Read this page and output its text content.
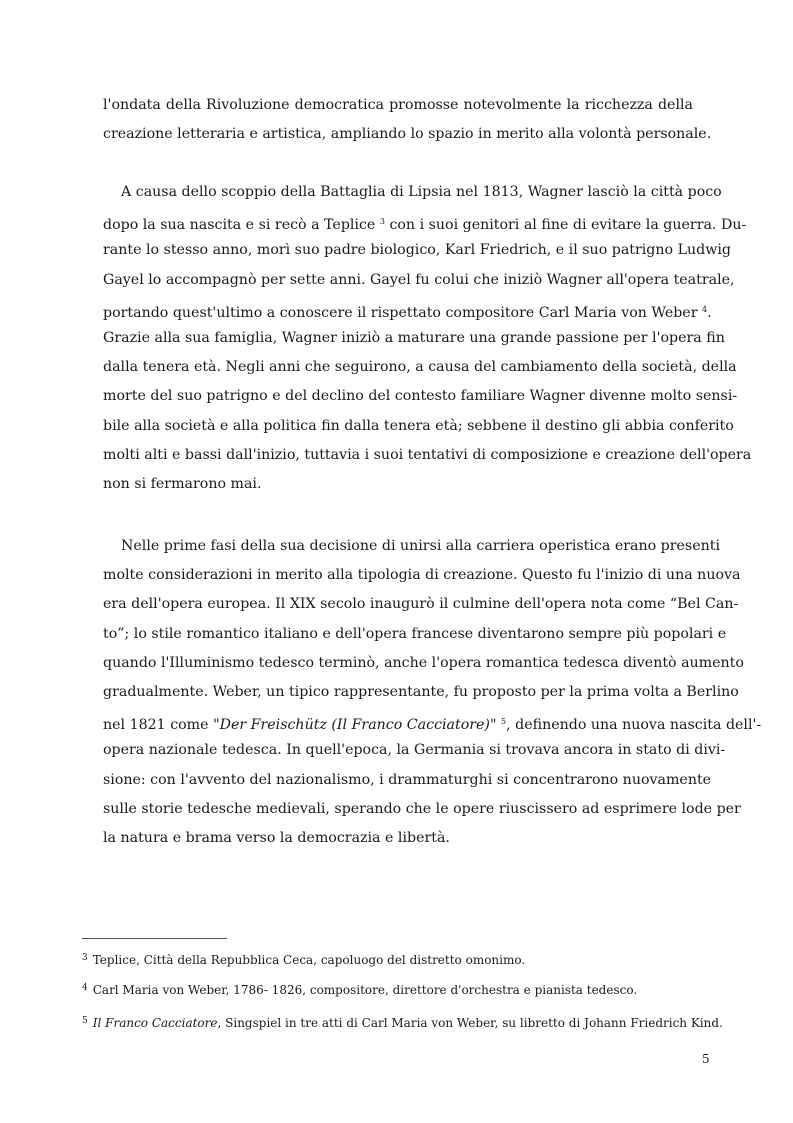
l'ondata della Rivoluzione democratica promosse notevolmente la ricchezza della
creazione letteraria e artistica, ampliando lo spazio in merito alla volontà personale.
A causa dello scoppio della Battaglia di Lipsia nel 1813, Wagner lasciò la città poco
dopo la sua nascita e si recò a Teplice $^3$ con i suoi genitori al fine di evitare la guerra. Du-
rante lo stesso anno, morì suo padre biologico, Karl Friedrich, e il suo patrigno Ludwig
Gayel lo accompagnò per sette anni. Gayel fu colui che iniziò Wagner all'opera teatrale,
portando quest'ultimo a conoscere il rispettato compositore Carl Maria von Weber $^4$.
Grazie alla sua famiglia, Wagner iniziò a maturare una grande passione per l'opera fin
dalla tenera età. Negli anni che seguirono, a causa del cambiamento della società, della
morte del suo patrigno e del declino del contesto familiare Wagner divenne molto sensi-
bile alla società e alla politica fin dalla tenera età; sebbene il destino gli abbia conferito
molti alti e bassi dall'inizio, tuttavia i suoi tentativi di composizione e creazione dell'opera
non si fermarono mai.
Nelle prime fasi della sua decisione di unirsi alla carriera operistica erano presenti
molte considerazioni in merito alla tipologia di creazione. Questo fu l'inizio di una nuova
era dell'opera europea. Il XIX secolo inaugurò il culmine dell'opera nota come “Bel Can-
to”; lo stile romantico italiano e dell'opera francese diventarono sempre più popolari e
quando l'Illuminismo tedesco terminò, anche l'opera romantica tedesca diventò aumento
gradualmente. Weber, un tipico rappresentante, fu proposto per la prima volta a Berlino
nel 1821 come "Der Freischütz (Il Franco Cacciatore)" $^5$, definendo una nuova nascita dell'-
opera nazionale tedesca. In quell'epoca, la Germania si trovava ancora in stato di divi-
sione: con l'avvento del nazionalismo, i drammaturghi si concentrarono nuovamente
sulle storie tedesche medievali, sperando che le opere riuscissero ad esprimere lode per
la natura e brama verso la democrazia e libertà.
$^3$ Teplice, Città della Repubblica Ceca, capoluogo del distretto omonimo.
$^4$ Carl Maria von Weber, 1786- 1826, compositore, direttore d'orchestra e pianista tedesco.
$^5$ Il Franco Cacciatore, Singspiel in tre atti di Carl Maria von Weber, su libretto di Johann Friedrich Kind.
5
